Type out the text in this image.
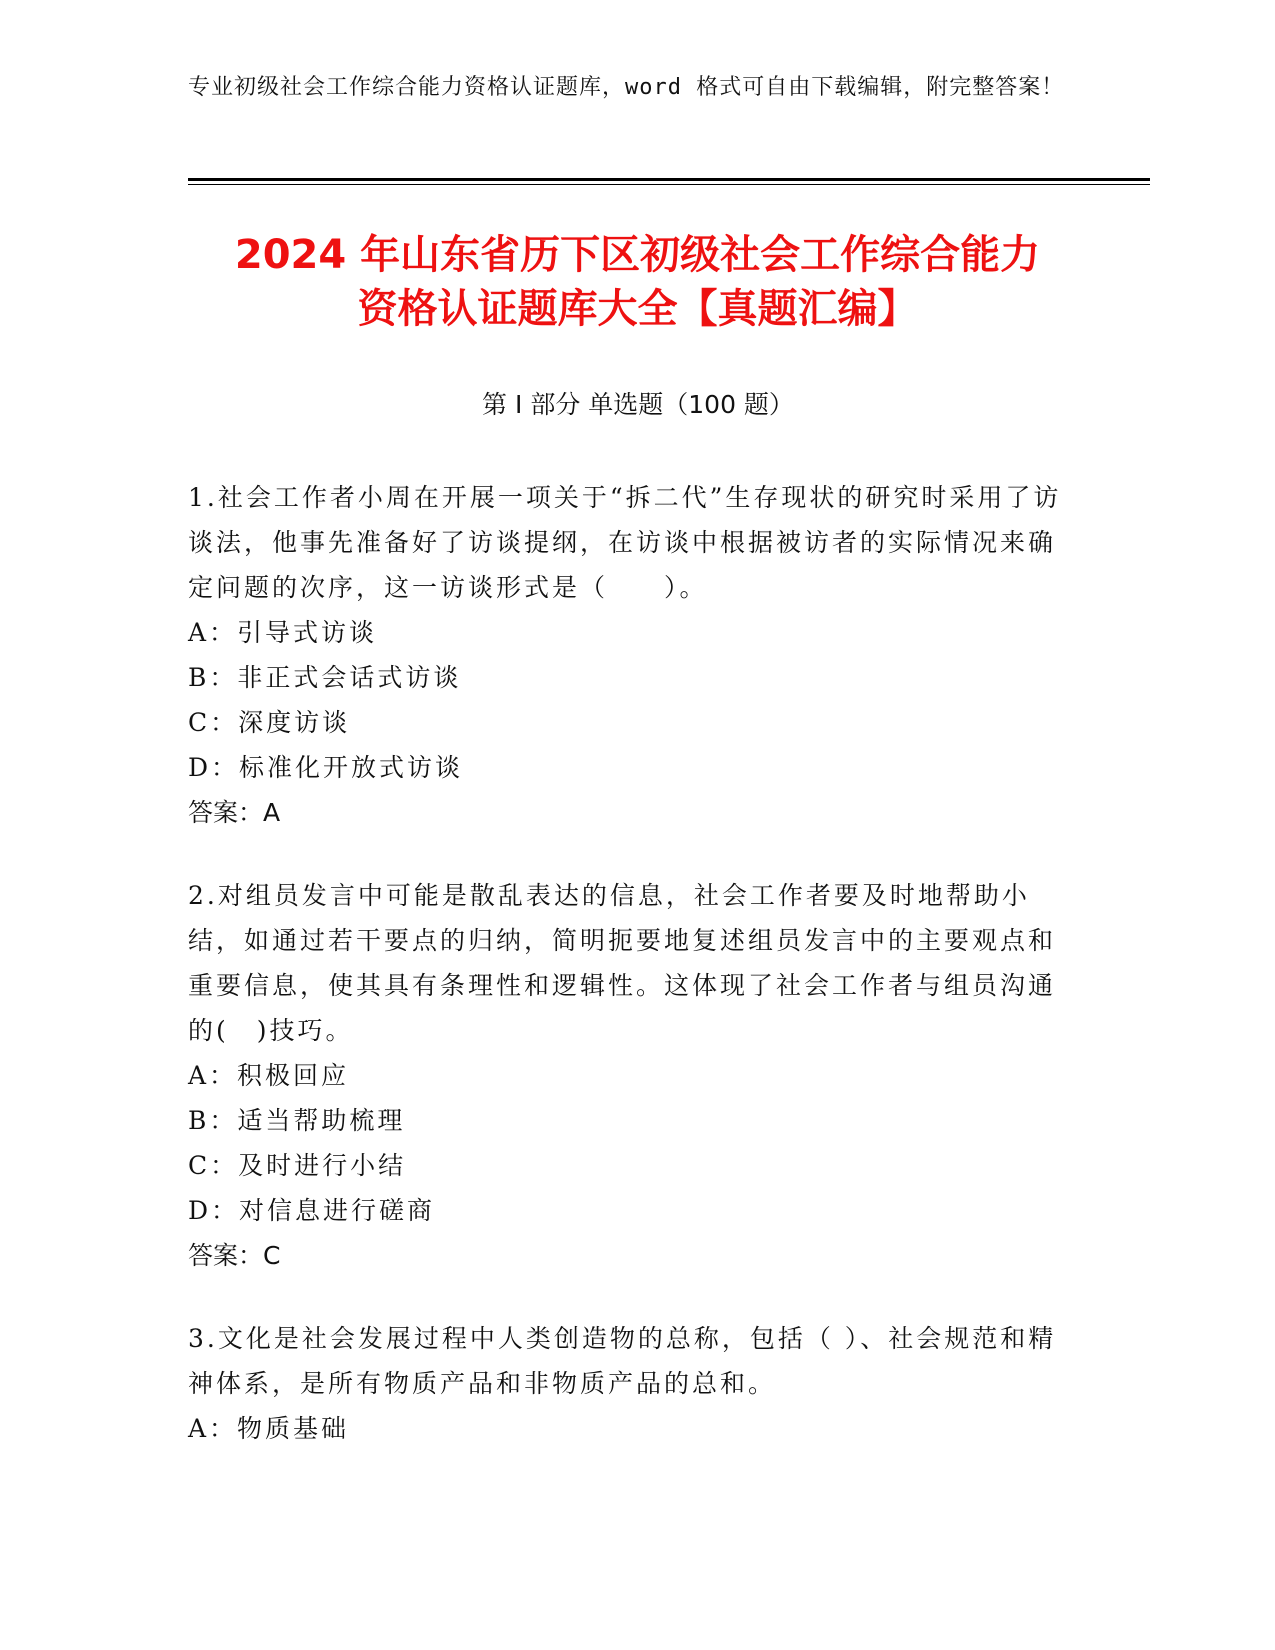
专业初级社会工作综合能力资格认证题库，word 格式可自由下载编辑，附完整答案！
2024 年山东省历下区初级社会工作综合能力
资格认证题库大全【真题汇编】
第 I 部分 单选题（100 题）
1.社会工作者小周在开展一项关于“拆二代”生存现状的研究时采用了访谈法，他事先准备好了访谈提纲，在访谈中根据被访者的实际情况来确定问题的次序，这一访谈形式是（　　）。
A：引导式访谈
B：非正式会话式访谈
C：深度访谈
D：标准化开放式访谈
答案：A
2.对组员发言中可能是散乱表达的信息，社会工作者要及时地帮助小结，如通过若干要点的归纳，简明扼要地复述组员发言中的主要观点和重要信息，使其具有条理性和逻辑性。这体现了社会工作者与组员沟通的(　)技巧。
A：积极回应
B：适当帮助梳理
C：及时进行小结
D：对信息进行磋商
答案：C
3.文化是社会发展过程中人类创造物的总称，包括（ ）、社会规范和精神体系，是所有物质产品和非物质产品的总和。
A：物质基础
